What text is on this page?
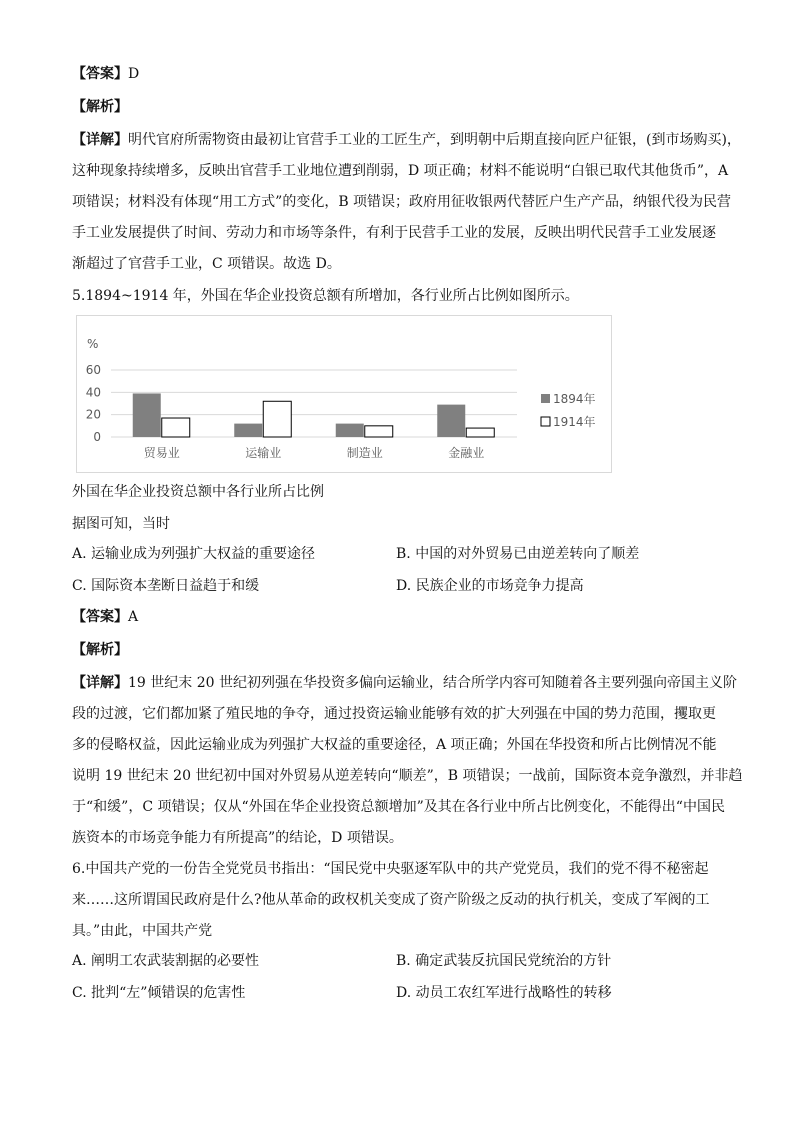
【答案】D
【解析】
【详解】明代官府所需物资由最初让官营手工业的工匠生产，到明朝中后期直接向匠户征银，(到市场购买)，
这种现象持续增多，反映出官营手工业地位遭到削弱，D 项正确；材料不能说明“白银已取代其他货币”，A
项错误；材料没有体现“用工方式”的变化，B 项错误；政府用征收银两代替匠户生产产品，纳银代役为民营
手工业发展提供了时间、劳动力和市场等条件，有利于民营手工业的发展，反映出明代民营手工业发展逐
渐超过了官营手工业，C 项错误。故选 D。
5.1894~1914 年，外国在华企业投资总额有所增加，各行业所占比例如图所示。
%
0
20
40
60
贸易业	运输业	制造业	金融业
1894年
1914年
外国在华企业投资总额中各行业所占比例
据图可知，当时
A. 运输业成为列强扩大权益的重要途径	B. 中国的对外贸易已由逆差转向了顺差
C. 国际资本垄断日益趋于和缓	D. 民族企业的市场竞争力提高
【答案】A
【解析】
【详解】19 世纪末 20 世纪初列强在华投资多偏向运输业，结合所学内容可知随着各主要列强向帝国主义阶
段的过渡，它们都加紧了殖民地的争夺，通过投资运输业能够有效的扩大列强在中国的势力范围，攫取更
多的侵略权益，因此运输业成为列强扩大权益的重要途径，A 项正确；外国在华投资和所占比例情况不能
说明 19 世纪末 20 世纪初中国对外贸易从逆差转向“顺差”，B 项错误；一战前，国际资本竞争激烈，并非趋
于“和缓”，C 项错误；仅从“外国在华企业投资总额增加”及其在各行业中所占比例变化，不能得出“中国民
族资本的市场竞争能力有所提高”的结论，D 项错误。
6.中国共产党的一份告全党党员书指出：“国民党中央驱逐军队中的共产党党员，我们的党不得不秘密起
来……这所谓国民政府是什么?他从革命的政权机关变成了资产阶级之反动的执行机关，变成了军阀的工
具。”由此，中国共产党
A. 阐明工农武装割据的必要性	B. 确定武装反抗国民党统治的方针
C. 批判“左”倾错误的危害性	D. 动员工农红军进行战略性的转移
